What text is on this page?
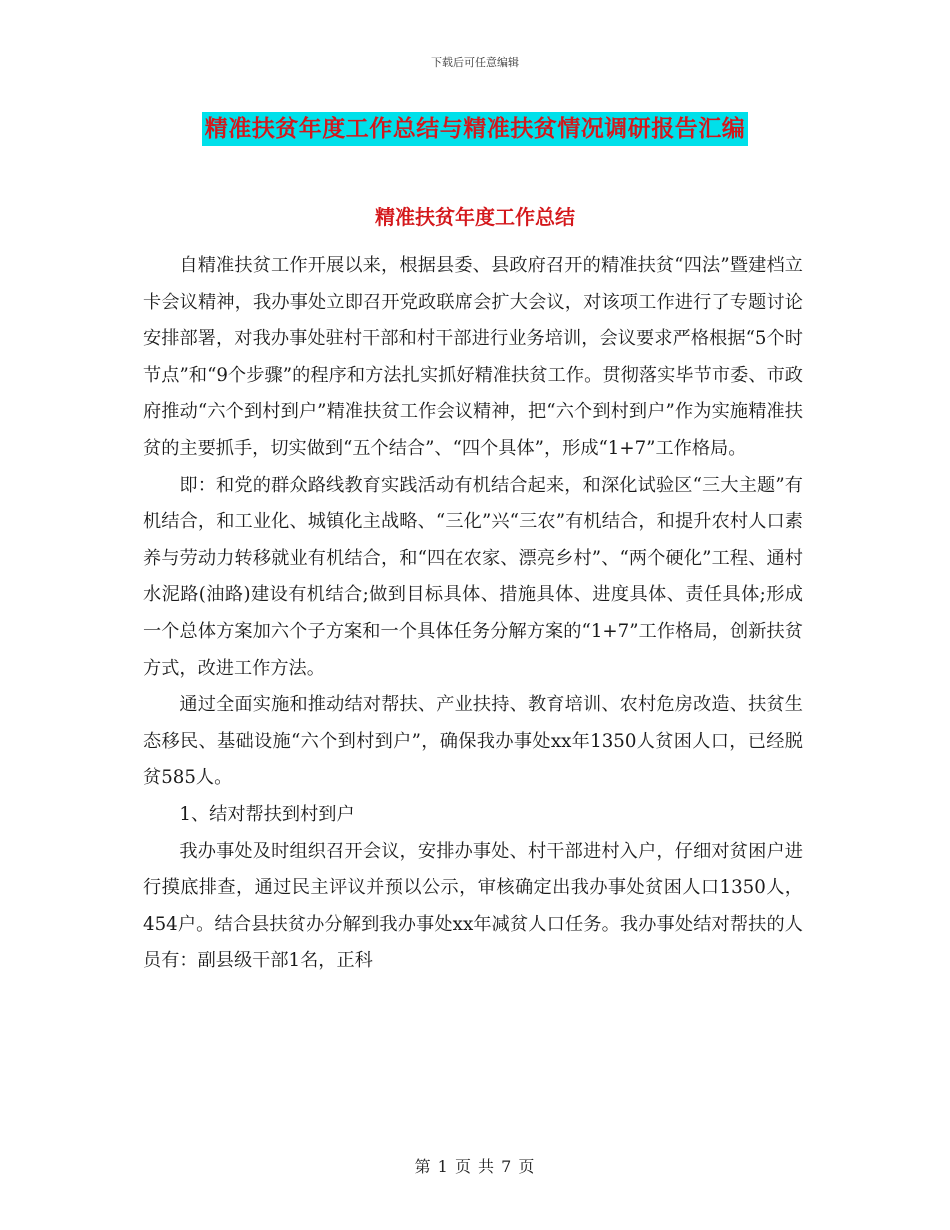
下载后可任意编辑
精准扶贫年度工作总结与精准扶贫情况调研报告汇编
精准扶贫年度工作总结

自精准扶贫工作开展以来，根据县委、县政府召开的精准扶贫“四法”暨建档立卡会议精神，我办事处立即召开党政联席会扩大会议，对该项工作进行了专题讨论安排部署，对我办事处驻村干部和村干部进行业务培训，会议要求严格根据“5个时节点”和“9个步骤”的程序和方法扎实抓好精准扶贫工作。贯彻落实毕节市委、市政府推动“六个到村到户”精准扶贫工作会议精神，把“六个到村到户”作为实施精准扶贫的主要抓手，切实做到“五个结合”、“四个具体”，形成“1+7”工作格局。

即：和党的群众路线教育实践活动有机结合起来，和深化试验区“三大主题”有机结合，和工业化、城镇化主战略、“三化”兴“三农”有机结合，和提升农村人口素养与劳动力转移就业有机结合，和“四在农家、漂亮乡村”、“两个硬化”工程、通村水泥路(油路)建设有机结合;做到目标具体、措施具体、进度具体、责任具体;形成一个总体方案加六个子方案和一个具体任务分解方案的“1+7”工作格局，创新扶贫方式，改进工作方法。

通过全面实施和推动结对帮扶、产业扶持、教育培训、农村危房改造、扶贫生态移民、基础设施“六个到村到户”，确保我办事处xx年1350人贫困人口，已经脱贫585人。

1、结对帮扶到村到户

我办事处及时组织召开会议，安排办事处、村干部进村入户，仔细对贫困户进行摸底排查，通过民主评议并预以公示，审核确定出我办事处贫困人口1350人，454户。结合县扶贫办分解到我办事处xx年减贫人口任务。我办事处结对帮扶的人员有：副县级干部1名，正科

第 1 页 共 7 页
